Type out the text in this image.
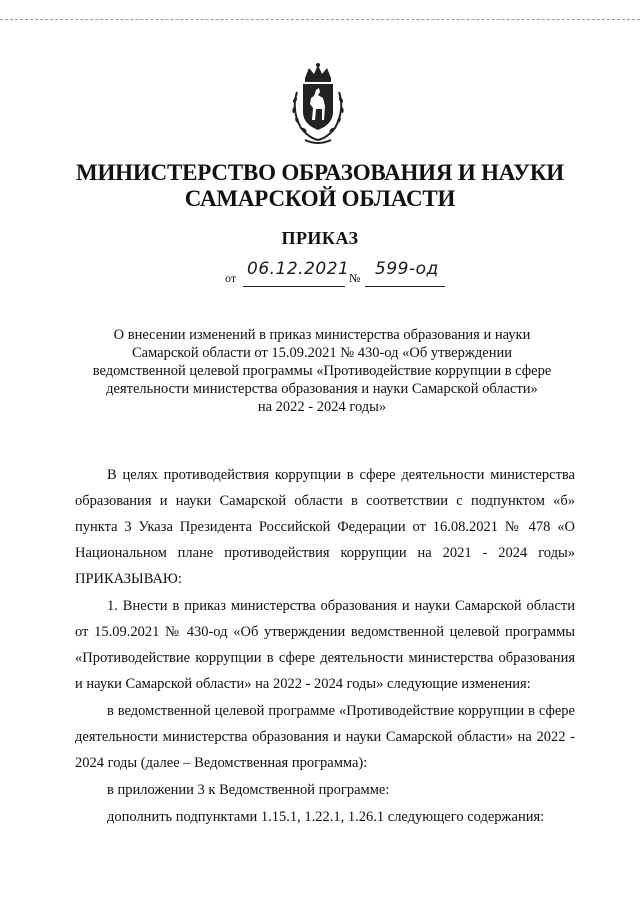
МИНИСТЕРСТВО ОБРАЗОВАНИЯ И НАУКИ
САМАРСКОЙ ОБЛАСТИ
ПРИКАЗ
от 06.12.2021 № 599-од
О внесении изменений в приказ министерства образования и науки
Самарской области от 15.09.2021 № 430-од «Об утверждении
ведомственной целевой программы «Противодействие коррупции в сфере
деятельности министерства образования и науки Самарской области»
на 2022 - 2024 годы»

В целях противодействия коррупции в сфере деятельности министерства образования и науки Самарской области в соответствии с подпунктом «б» пункта 3 Указа Президента Российской Федерации от 16.08.2021 № 478 «О Национальном плане противодействия коррупции на 2021 - 2024 годы» ПРИКАЗЫВАЮ:

1. Внести в приказ министерства образования и науки Самарской области от 15.09.2021 № 430-од «Об утверждении ведомственной целевой программы «Противодействие коррупции в сфере деятельности министерства образования и науки Самарской области» на 2022 - 2024 годы» следующие изменения:

в ведомственной целевой программе «Противодействие коррупции в сфере деятельности министерства образования и науки Самарской области» на 2022 - 2024 годы (далее – Ведомственная программа):

в приложении 3 к Ведомственной программе:

дополнить подпунктами 1.15.1, 1.22.1, 1.26.1 следующего содержания:
